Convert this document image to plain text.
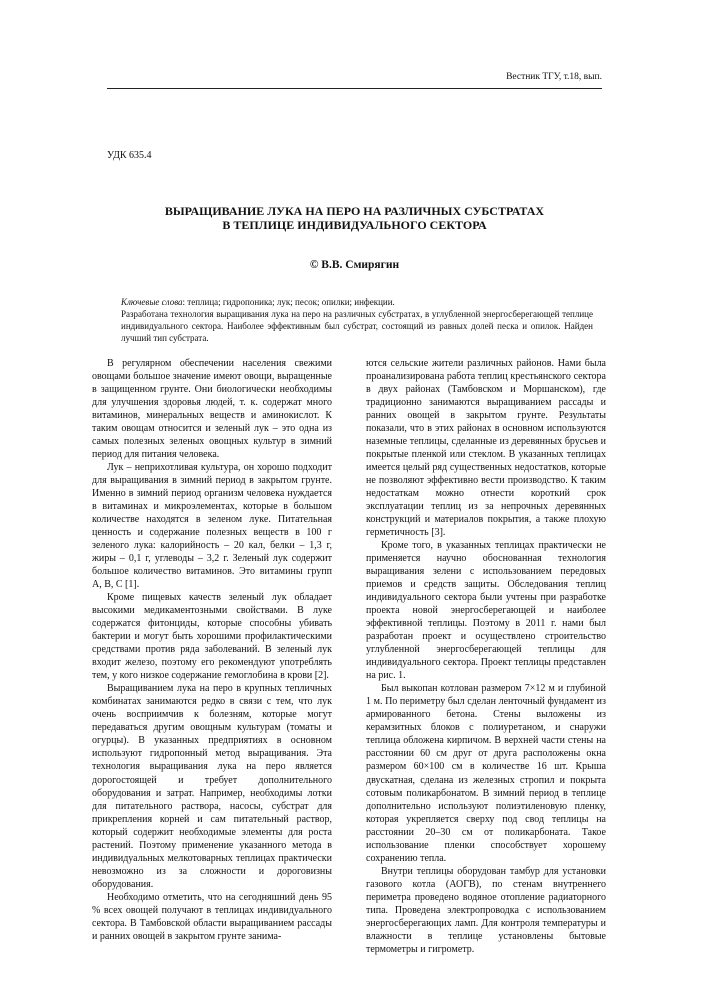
Вестник ТГУ, т.18, вып.
УДК 635.4
ВЫРАЩИВАНИЕ ЛУКА НА ПЕРО НА РАЗЛИЧНЫХ СУБСТРАТАХ
В ТЕПЛИЦЕ ИНДИВИДУАЛЬНОГО СЕКТОРА
© В.В. Смирягин

Ключевые слова: теплица; гидропоника; лук; песок; опилки; инфекции.

Разработана технология выращивания лука на перо на различных субстратах, в углубленной энергосберегающей теплице индивидуального сектора. Наиболее эффективным был субстрат, состоящий из равных долей песка и опилок. Найден лучший тип субстрата.

В регулярном обеспечении населения свежими овощами большое значение имеют овощи, выращенные в защищенном грунте. Они биологически необходимы для улучшения здоровья людей, т. к. содержат много витаминов, минеральных веществ и аминокислот. К таким овощам относится и зеленый лук – это одна из самых полезных зеленых овощных культур в зимний период для питания человека.

Лук – неприхотливая культура, он хорошо подходит для выращивания в зимний период в закрытом грунте. Именно в зимний период организм человека нуждается в витаминах и микроэлементах, которые в большом количестве находятся в зеленом луке. Питательная ценность и содержание полезных веществ в 100 г зеленого лука: калорийность – 20 кал, белки – 1,3 г, жиры – 0,1 г, углеводы – 3,2 г. Зеленый лук содержит большое количество витаминов. Это витамины групп А, В, С [1].

Кроме пищевых качеств зеленый лук обладает высокими медикаментозными свойствами. В луке содержатся фитонциды, которые способны убивать бактерии и могут быть хорошими профилактическими средствами против ряда заболеваний. В зеленый лук входит железо, поэтому его рекомендуют употреблять тем, у кого низкое содержание гемоглобина в крови [2].

Выращиванием лука на перо в крупных тепличных комбинатах занимаются редко в связи с тем, что лук очень восприимчив к болезням, которые могут передаваться другим овощным культурам (томаты и огурцы). В указанных предприятиях в основном используют гидропонный метод выращивания. Эта технология выращивания лука на перо является дорогостоящей и требует дополнительного оборудования и затрат. Например, необходимы лотки для питательного раствора, насосы, субстрат для прикрепления корней и сам питательный раствор, который содержит необходимые элементы для роста растений. Поэтому применение указанного метода в индивидуальных мелкотоварных теплицах практически невозможно из за сложности и дороговизны оборудования.

Необходимо отметить, что на сегодняшний день 95 % всех овощей получают в теплицах индивидуального сектора. В Тамбовской области выращиванием рассады и ранних овощей в закрытом грунте занима-

ются сельские жители различных районов. Нами была проанализирована работа теплиц крестьянского сектора в двух районах (Тамбовском и Моршанском), где традиционно занимаются выращиванием рассады и ранних овощей в закрытом грунте. Результаты показали, что в этих районах в основном используются наземные теплицы, сделанные из деревянных брусьев и покрытые пленкой или стеклом. В указанных теплицах имеется целый ряд существенных недостатков, которые не позволяют эффективно вести производство. К таким недостаткам можно отнести короткий срок эксплуатации теплиц из за непрочных деревянных конструкций и материалов покрытия, а также плохую герметичность [3].

Кроме того, в указанных теплицах практически не применяется научно обоснованная технология выращивания зелени с использованием передовых приемов и средств защиты. Обследования теплиц индивидуального сектора были учтены при разработке проекта новой энергосберегающей и наиболее эффективной теплицы. Поэтому в 2011 г. нами был разработан проект и осуществлено строительство углубленной энергосберегающей теплицы для индивидуального сектора. Проект теплицы представлен на рис. 1.

Был выкопан котлован размером 7×12 м и глубиной 1 м. По периметру был сделан ленточный фундамент из армированного бетона. Стены выложены из керамзитных блоков с полиуретаном, и снаружи теплица обложена кирпичом. В верхней части стены на расстоянии 60 см друг от друга расположены окна размером 60×100 см в количестве 16 шт. Крыша двускатная, сделана из железных стропил и покрыта сотовым поликарбонатом. В зимний период в теплице дополнительно используют полиэтиленовую пленку, которая укрепляется сверху под свод теплицы на расстоянии 20–30 см от поликарбоната. Такое использование пленки способствует хорошему сохранению тепла.

Внутри теплицы оборудован тамбур для установки газового котла (АОГВ), по стенам внутреннего периметра проведено водяное отопление радиаторного типа. Проведена электропроводка с использованием энергосберегающих ламп. Для контроля температуры и влажности в теплице установлены бытовые термометры и гигрометр.
